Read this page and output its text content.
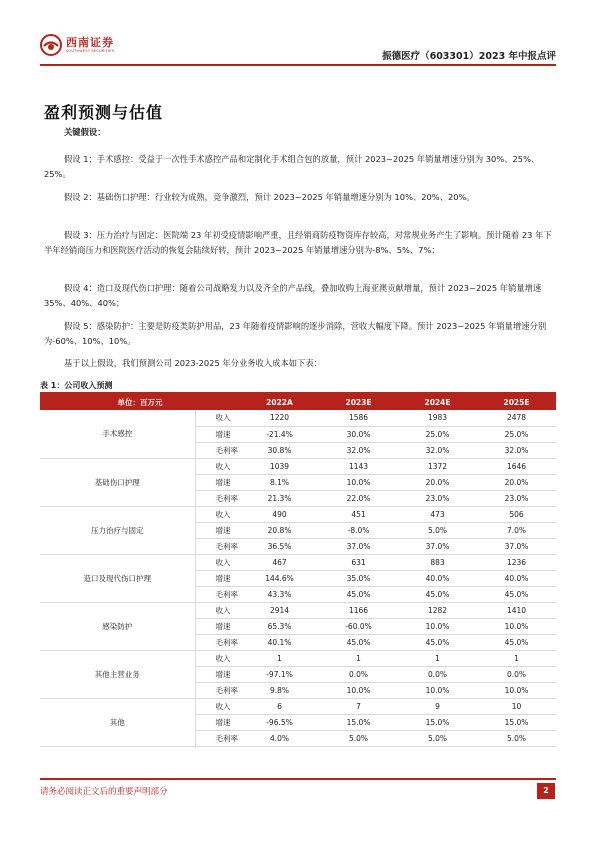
西南证券
SOUTHWEST SECURITIES
振德医疗（603301）2023 年中报点评
盈利预测与估值
关键假设：
假设 1：手术感控：受益于一次性手术感控产品和定制化手术组合包的放量，预计 2023~2025 年销量增速分别为 30%、25%、25%。
假设 2：基础伤口护理：行业较为成熟，竞争激烈，预计 2023~2025 年销量增速分别为 10%、20%、20%。
假设 3：压力治疗与固定：医院端 23 年初受疫情影响严重，且经销商防疫物资库存较高，对常规业务产生了影响。预计随着 23 年下半年经销商压力和医院医疗活动的恢复会陆续好转，预计 2023~2025 年销量增速分别为-8%、5%、7%；
假设 4：造口及现代伤口护理：随着公司战略发力以及齐全的产品线，叠加收购上海亚澳贡献增量，预计 2023~2025 年销量增速 35%、40%、40%；
假设 5：感染防护：主要是防疫类防护用品，23 年随着疫情影响的逐步消除，营收大幅度下降。预计 2023~2025 年销量增速分别为-60%、10%、10%。
基于以上假设，我们预测公司 2023-2025 年分业务收入成本如下表：
表 1：公司收入预测
单位：百万元		2022A	2023E	2024E	2025E
手术感控	收入	1220	1586	1983	2478
	增速	-21.4%	30.0%	25.0%	25.0%
	毛利率	30.8%	32.0%	32.0%	32.0%
基础伤口护理	收入	1039	1143	1372	1646
	增速	8.1%	10.0%	20.0%	20.0%
	毛利率	21.3%	22.0%	23.0%	23.0%
压力治疗与固定	收入	490	451	473	506
	增速	20.8%	-8.0%	5.0%	7.0%
	毛利率	36.5%	37.0%	37.0%	37.0%
造口及现代伤口护理	收入	467	631	883	1236
	增速	144.6%	35.0%	40.0%	40.0%
	毛利率	43.3%	45.0%	45.0%	45.0%
感染防护	收入	2914	1166	1282	1410
	增速	65.3%	-60.0%	10.0%	10.0%
	毛利率	40.1%	45.0%	45.0%	45.0%
其他主营业务	收入	1	1	1	1
	增速	-97.1%	0.0%	0.0%	0.0%
	毛利率	9.8%	10.0%	10.0%	10.0%
其他	收入	6	7	9	10
	增速	-96.5%	15.0%	15.0%	15.0%
	毛利率	4.0%	5.0%	5.0%	5.0%
请务必阅读正文后的重要声明部分	2
